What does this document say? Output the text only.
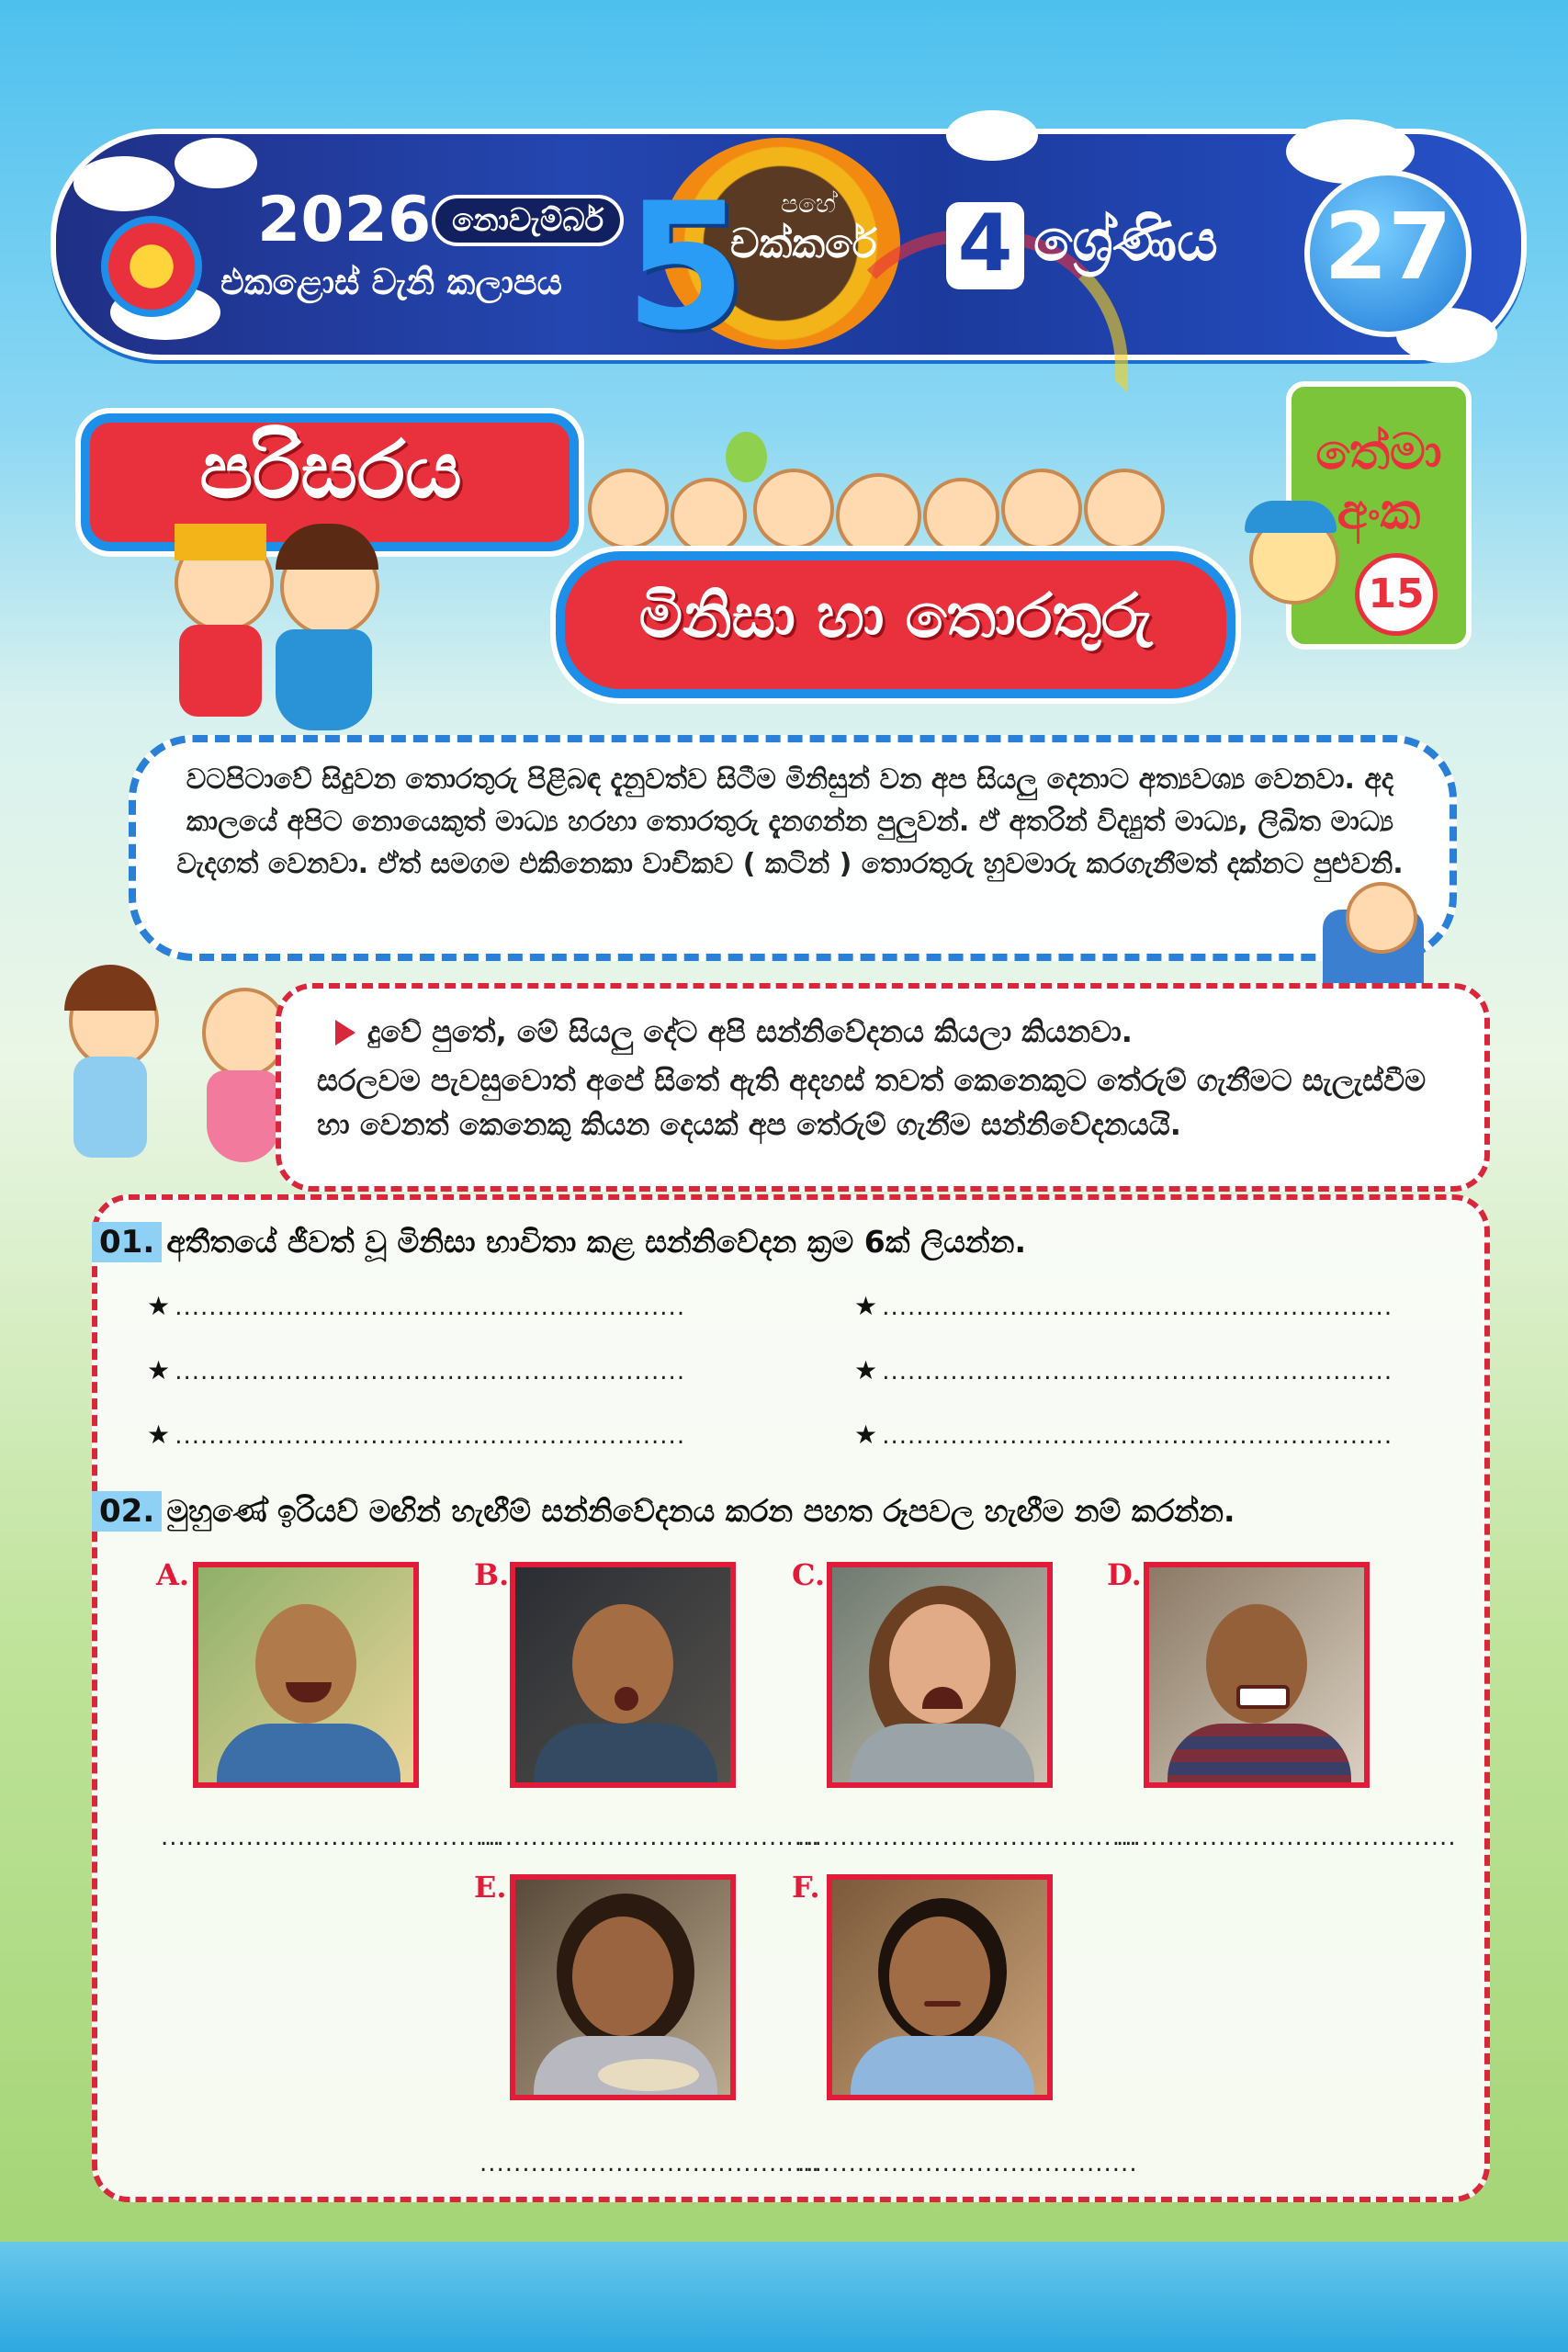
2026 නොවැම්බර්
එකළොස් වැනි කලාපය 5 පහේ
චක්කරේ 4 ශ්‍රේණිය 27
පරිසරය
මිනිසා හා තොරතුරු
තේමා
අංක
15
වටපිටාවේ සිදුවන තොරතුරු පිළිබඳ දැනුවත්ව සිටීම මිනිසුන් වන අප සියලු දෙනාට අත්‍යවශ්‍ය වෙනවා. අද කාලයේ අපිට නොයෙකුත් මාධ්‍ය හරහා තොරතුරු දැනගන්න පුලුවන්. ඒ අතරින් විද්‍යුත් මාධ්‍ය, ලිඛිත මාධ්‍ය වැදගත් වෙනවා. ඒත් සමගම එකිනෙකා වාචිකව ( කටින් ) තොරතුරු හුවමාරු කරගැනීමත් දක්නට පුළුවනි.
දුවේ පුතේ, මේ සියලු දේට අපි සන්නිවේදනය කියලා කියනවා.
සරලවම පැවසුවොත් අපේ සිතේ ඇති අදහස් තවත් කෙනෙකුට තේරුම් ගැනීමට සැලැස්වීම හා වෙනත් කෙනෙකු කියන දෙයක් අප තේරුම් ගැනීම සන්නිවේදනයයි.
01. අතීතයේ ජීවත් වූ මිනිසා භාවිතා කළ සන්නිවේදන ක්‍රම 6ක් ලියන්න.
★ ............................................................	★ ............................................................
★ ............................................................	★ ............................................................
★ ............................................................	★ ............................................................
02. මුහුණේ ඉරියව් මඟින් හැඟීම් සන්නිවේදනය කරන පහත රූපවල හැඟීම නම් කරන්න.
A.
........................................
B.
........................................
C.
........................................
D.
........................................
E.
........................................
F.
........................................
